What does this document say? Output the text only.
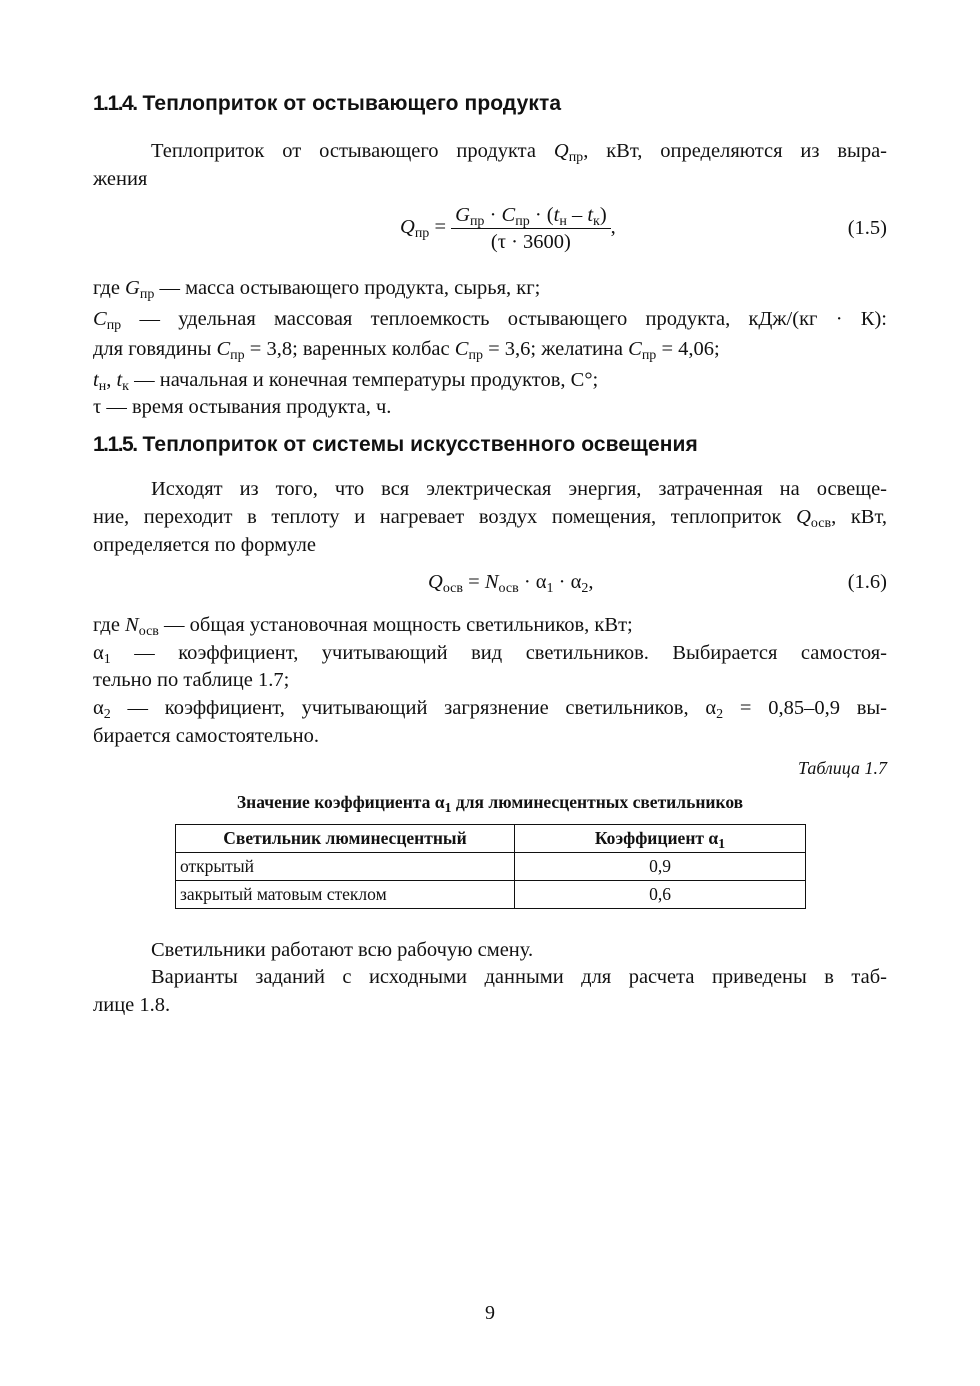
1.1.4. Теплоприток от остывающего продукта
Теплоприток от остывающего продукта $Q_{пр}$, кВт, определяются из выра-
жения
$Q_{пр} = \frac{G_{пр} \cdot C_{пр} \cdot (t_н - t_к)}{(\tau \cdot 3600)}$ ,	(1.5)
где $G_{пр}$ — масса остывающего продукта, сырья, кг;
$C_{пр}$ — удельная массовая теплоемкость остывающего продукта, кДж/(кг · К):
для говядины $C_{пр} = 3,8$; варенных колбас $C_{пр} = 3,6$; желатина $C_{пр} = 4,06$;
$t_н$, $t_к$ — начальная и конечная температуры продуктов, С°;
τ — время остывания продукта, ч.
1.1.5. Теплоприток от системы искусственного освещения
Исходят из того, что вся электрическая энергия, затраченная на освеще-
ние, переходит в теплоту и нагревает воздух помещения, теплоприток $Q_{осв}$, кВт,
определяется по формуле
$Q_{осв} = N_{осв} \cdot \alpha_1 \cdot \alpha_2$,	(1.6)
где $N_{осв}$ — общая установочная мощность светильников, кВт;
$\alpha_1$ — коэффициент, учитывающий вид светильников. Выбирается самостоя-
тельно по таблице 1.7;
$\alpha_2$ — коэффициент, учитывающий загрязнение светильников, $\alpha_2 = 0,85-0,9$ вы-
бирается самостоятельно.
Таблица 1.7
Значение коэффициента $\alpha_1$ для люминесцентных светильников
Светильник люминесцентный	Коэффициент $\alpha_1$
открытый	0,9
закрытый матовым стеклом	0,6
Светильники работают всю рабочую смену.
Варианты заданий с исходными данными для расчета приведены в таб-
лице 1.8.
9
